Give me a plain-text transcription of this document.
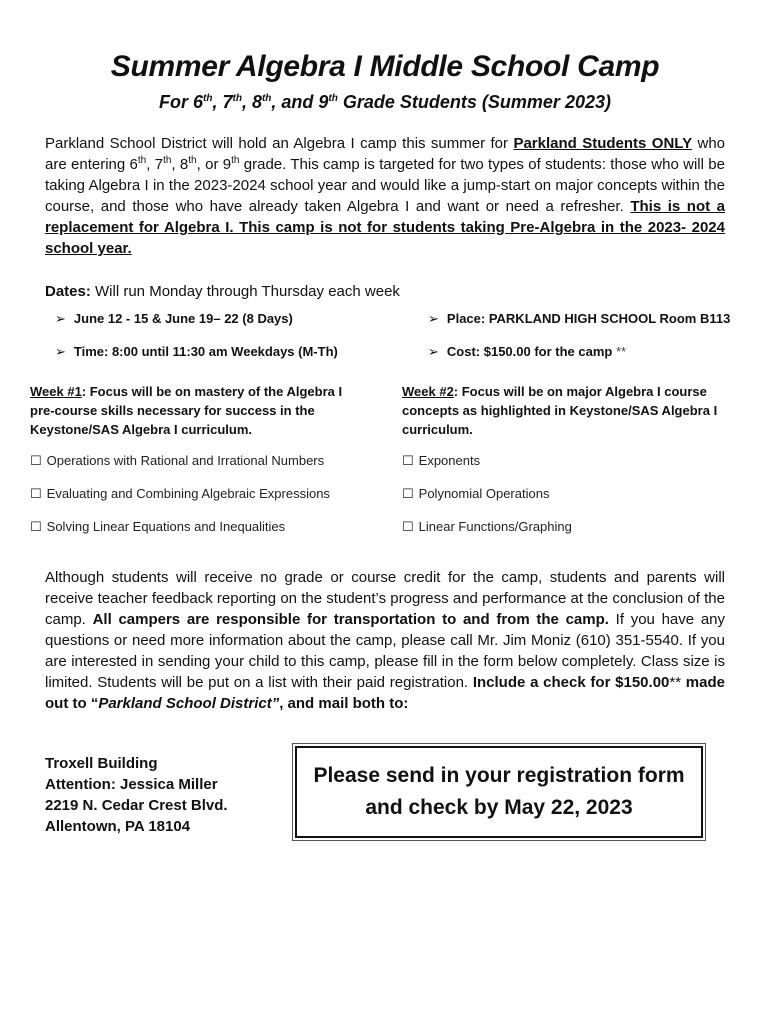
Summer Algebra I Middle School Camp
For 6th, 7th, 8th, and 9th Grade Students (Summer 2023)

Parkland School District will hold an Algebra I camp this summer for Parkland Students ONLY who are entering 6th, 7th, 8th, or 9th grade. This camp is targeted for two types of students: those who will be taking Algebra I in the 2023-2024 school year and would like a jump-start on major concepts within the course, and those who have already taken Algebra I and want or need a refresher. This is not a replacement for Algebra I. This camp is not for students taking Pre-Algebra in the 2023- 2024 school year.

Dates: Will run Monday through Thursday each week
➢ June 12 - 15 & June 19– 22 (8 Days)	➢ Place: PARKLAND HIGH SCHOOL Room B113
➢ Time: 8:00 until 11:30 am Weekdays (M-Th)	➢ Cost: $150.00 for the camp **
Week #1: Focus will be on mastery of the Algebra I pre-course skills necessary for success in the Keystone/SAS Algebra I curriculum.
Week #2: Focus will be on major Algebra I course concepts as highlighted in Keystone/SAS Algebra I curriculum.
☐ Operations with Rational and Irrational Numbers
☐ Evaluating and Combining Algebraic Expressions
☐ Solving Linear Equations and Inequalities
☐ Exponents
☐ Polynomial Operations
☐ Linear Functions/Graphing

Although students will receive no grade or course credit for the camp, students and parents will receive teacher feedback reporting on the student’s progress and performance at the conclusion of the camp. All campers are responsible for transportation to and from the camp. If you have any questions or need more information about the camp, please call Mr. Jim Moniz (610) 351-5540. If you are interested in sending your child to this camp, please fill in the form below completely. Class size is limited. Students will be put on a list with their paid registration. Include a check for $150.00** made out to “Parkland School District”, and mail both to:

Troxell Building
Attention: Jessica Miller
2219 N. Cedar Crest Blvd.
Allentown, PA 18104
Please send in your registration form
and check by May 22, 2023
